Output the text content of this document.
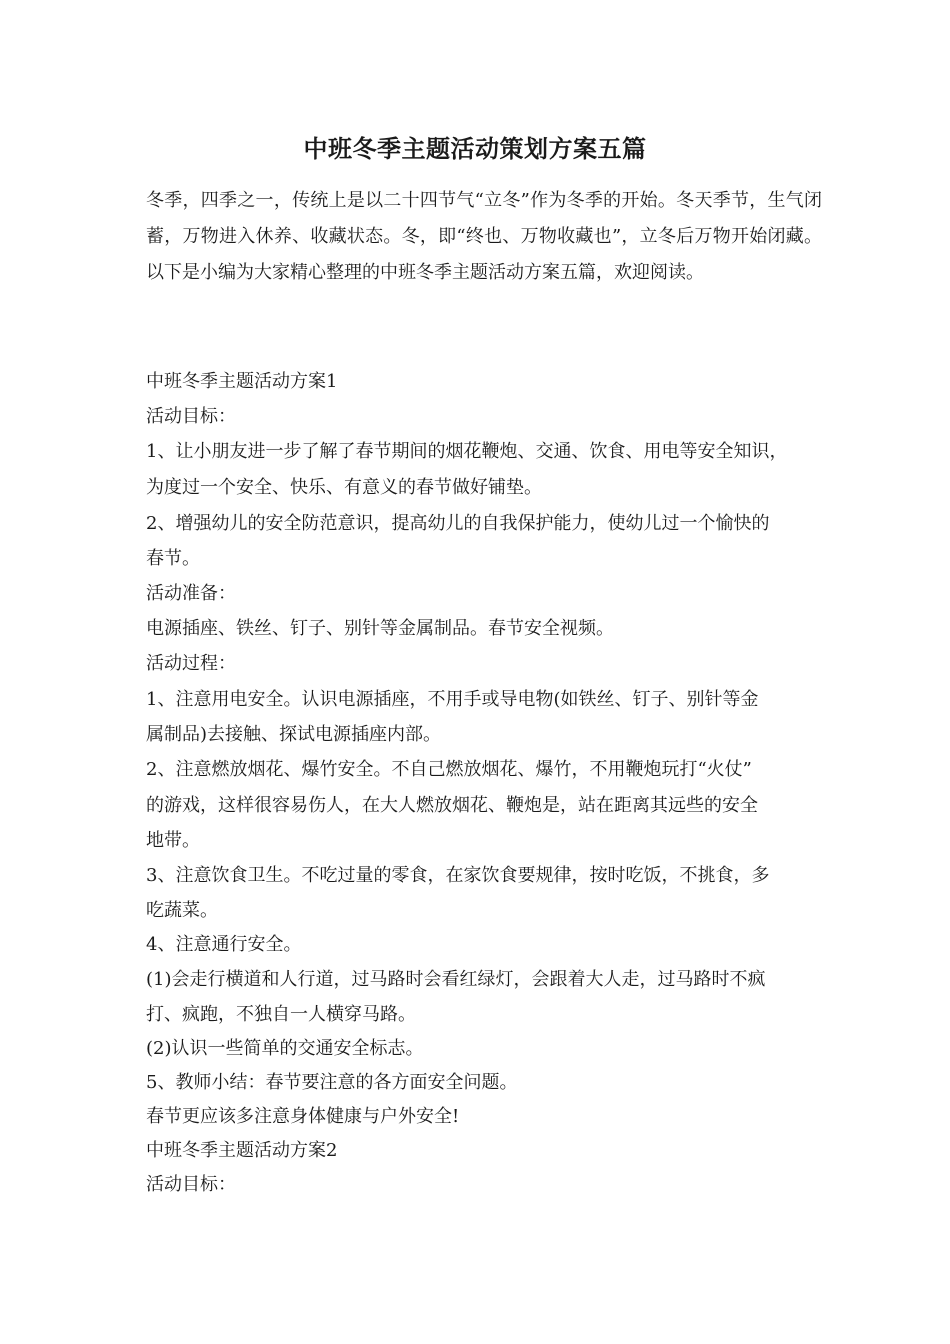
中班冬季主题活动策划方案五篇

冬季，四季之一，传统上是以二十四节气“立冬”作为冬季的开始。冬天季节，生气闭蓄，万物进入休养、收藏状态。冬，即“终也、万物收藏也”，立冬后万物开始闭藏。以下是小编为大家精心整理的中班冬季主题活动方案五篇，欢迎阅读。

中班冬季主题活动方案1
活动目标：
1、让小朋友进一步了解了春节期间的烟花鞭炮、交通、饮食、用电等安全知识，
为度过一个安全、快乐、有意义的春节做好铺垫。
2、增强幼儿的安全防范意识，提高幼儿的自我保护能力，使幼儿过一个愉快的
春节。
活动准备：
电源插座、铁丝、钉子、别针等金属制品。春节安全视频。
活动过程：
1、注意用电安全。认识电源插座，不用手或导电物(如铁丝、钉子、别针等金
属制品)去接触、探试电源插座内部。
2、注意燃放烟花、爆竹安全。不自己燃放烟花、爆竹，不用鞭炮玩打“火仗”
的游戏，这样很容易伤人，在大人燃放烟花、鞭炮是，站在距离其远些的安全
地带。
3、注意饮食卫生。不吃过量的零食，在家饮食要规律，按时吃饭，不挑食，多
吃蔬菜。
4、注意通行安全。
(1)会走行横道和人行道，过马路时会看红绿灯，会跟着大人走，过马路时不疯
打、疯跑，不独自一人横穿马路。
(2)认识一些简单的交通安全标志。
5、教师小结：春节要注意的各方面安全问题。
春节更应该多注意身体健康与户外安全!
中班冬季主题活动方案2
活动目标：
